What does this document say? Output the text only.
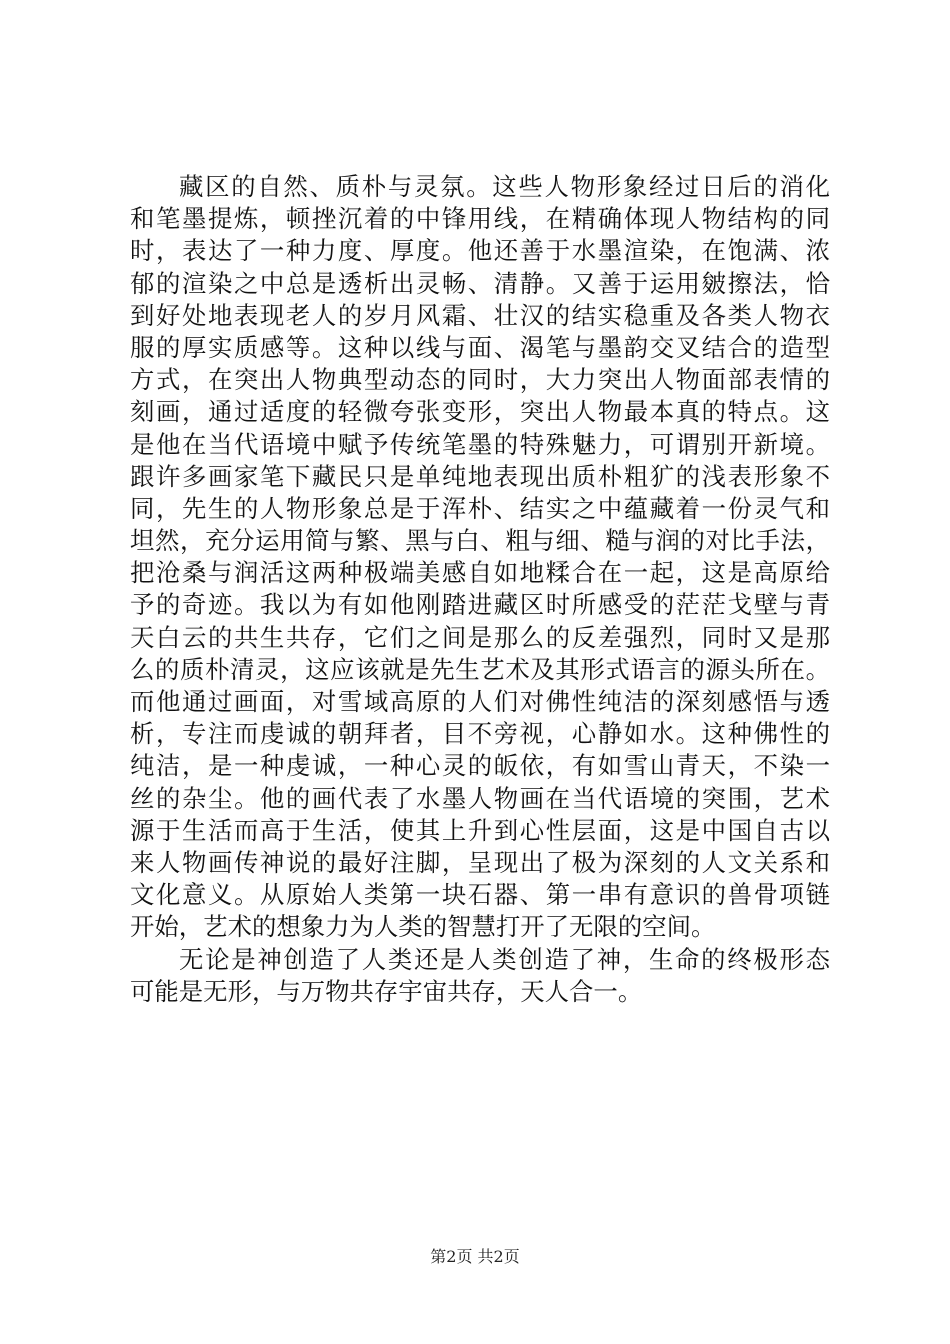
藏区的自然、质朴与灵氛。这些人物形象经过日后的消化
和笔墨提炼，顿挫沉着的中锋用线，在精确体现人物结构的同
时，表达了一种力度、厚度。他还善于水墨渲染，在饱满、浓
郁的渲染之中总是透析出灵畅、清静。又善于运用皴擦法，恰
到好处地表现老人的岁月风霜、壮汉的结实稳重及各类人物衣
服的厚实质感等。这种以线与面、渴笔与墨韵交叉结合的造型
方式，在突出人物典型动态的同时，大力突出人物面部表情的
刻画，通过适度的轻微夸张变形，突出人物最本真的特点。这
是他在当代语境中赋予传统笔墨的特殊魅力，可谓别开新境。
跟许多画家笔下藏民只是单纯地表现出质朴粗犷的浅表形象不
同，先生的人物形象总是于浑朴、结实之中蕴藏着一份灵气和
坦然，充分运用简与繁、黑与白、粗与细、糙与润的对比手法，
把沧桑与润活这两种极端美感自如地糅合在一起，这是高原给
予的奇迹。我以为有如他刚踏进藏区时所感受的茫茫戈壁与青
天白云的共生共存，它们之间是那么的反差强烈，同时又是那
么的质朴清灵，这应该就是先生艺术及其形式语言的源头所在。
而他通过画面，对雪域高原的人们对佛性纯洁的深刻感悟与透
析，专注而虔诚的朝拜者，目不旁视，心静如水。这种佛性的
纯洁，是一种虔诚，一种心灵的皈依，有如雪山青天，不染一
丝的杂尘。他的画代表了水墨人物画在当代语境的突围，艺术
源于生活而高于生活，使其上升到心性层面，这是中国自古以
来人物画传神说的最好注脚，呈现出了极为深刻的人文关系和
文化意义。从原始人类第一块石器、第一串有意识的兽骨项链
开始，艺术的想象力为人类的智慧打开了无限的空间。
无论是神创造了人类还是人类创造了神，生命的终极形态
可能是无形，与万物共存宇宙共存，天人合一。
第2页 共2页
